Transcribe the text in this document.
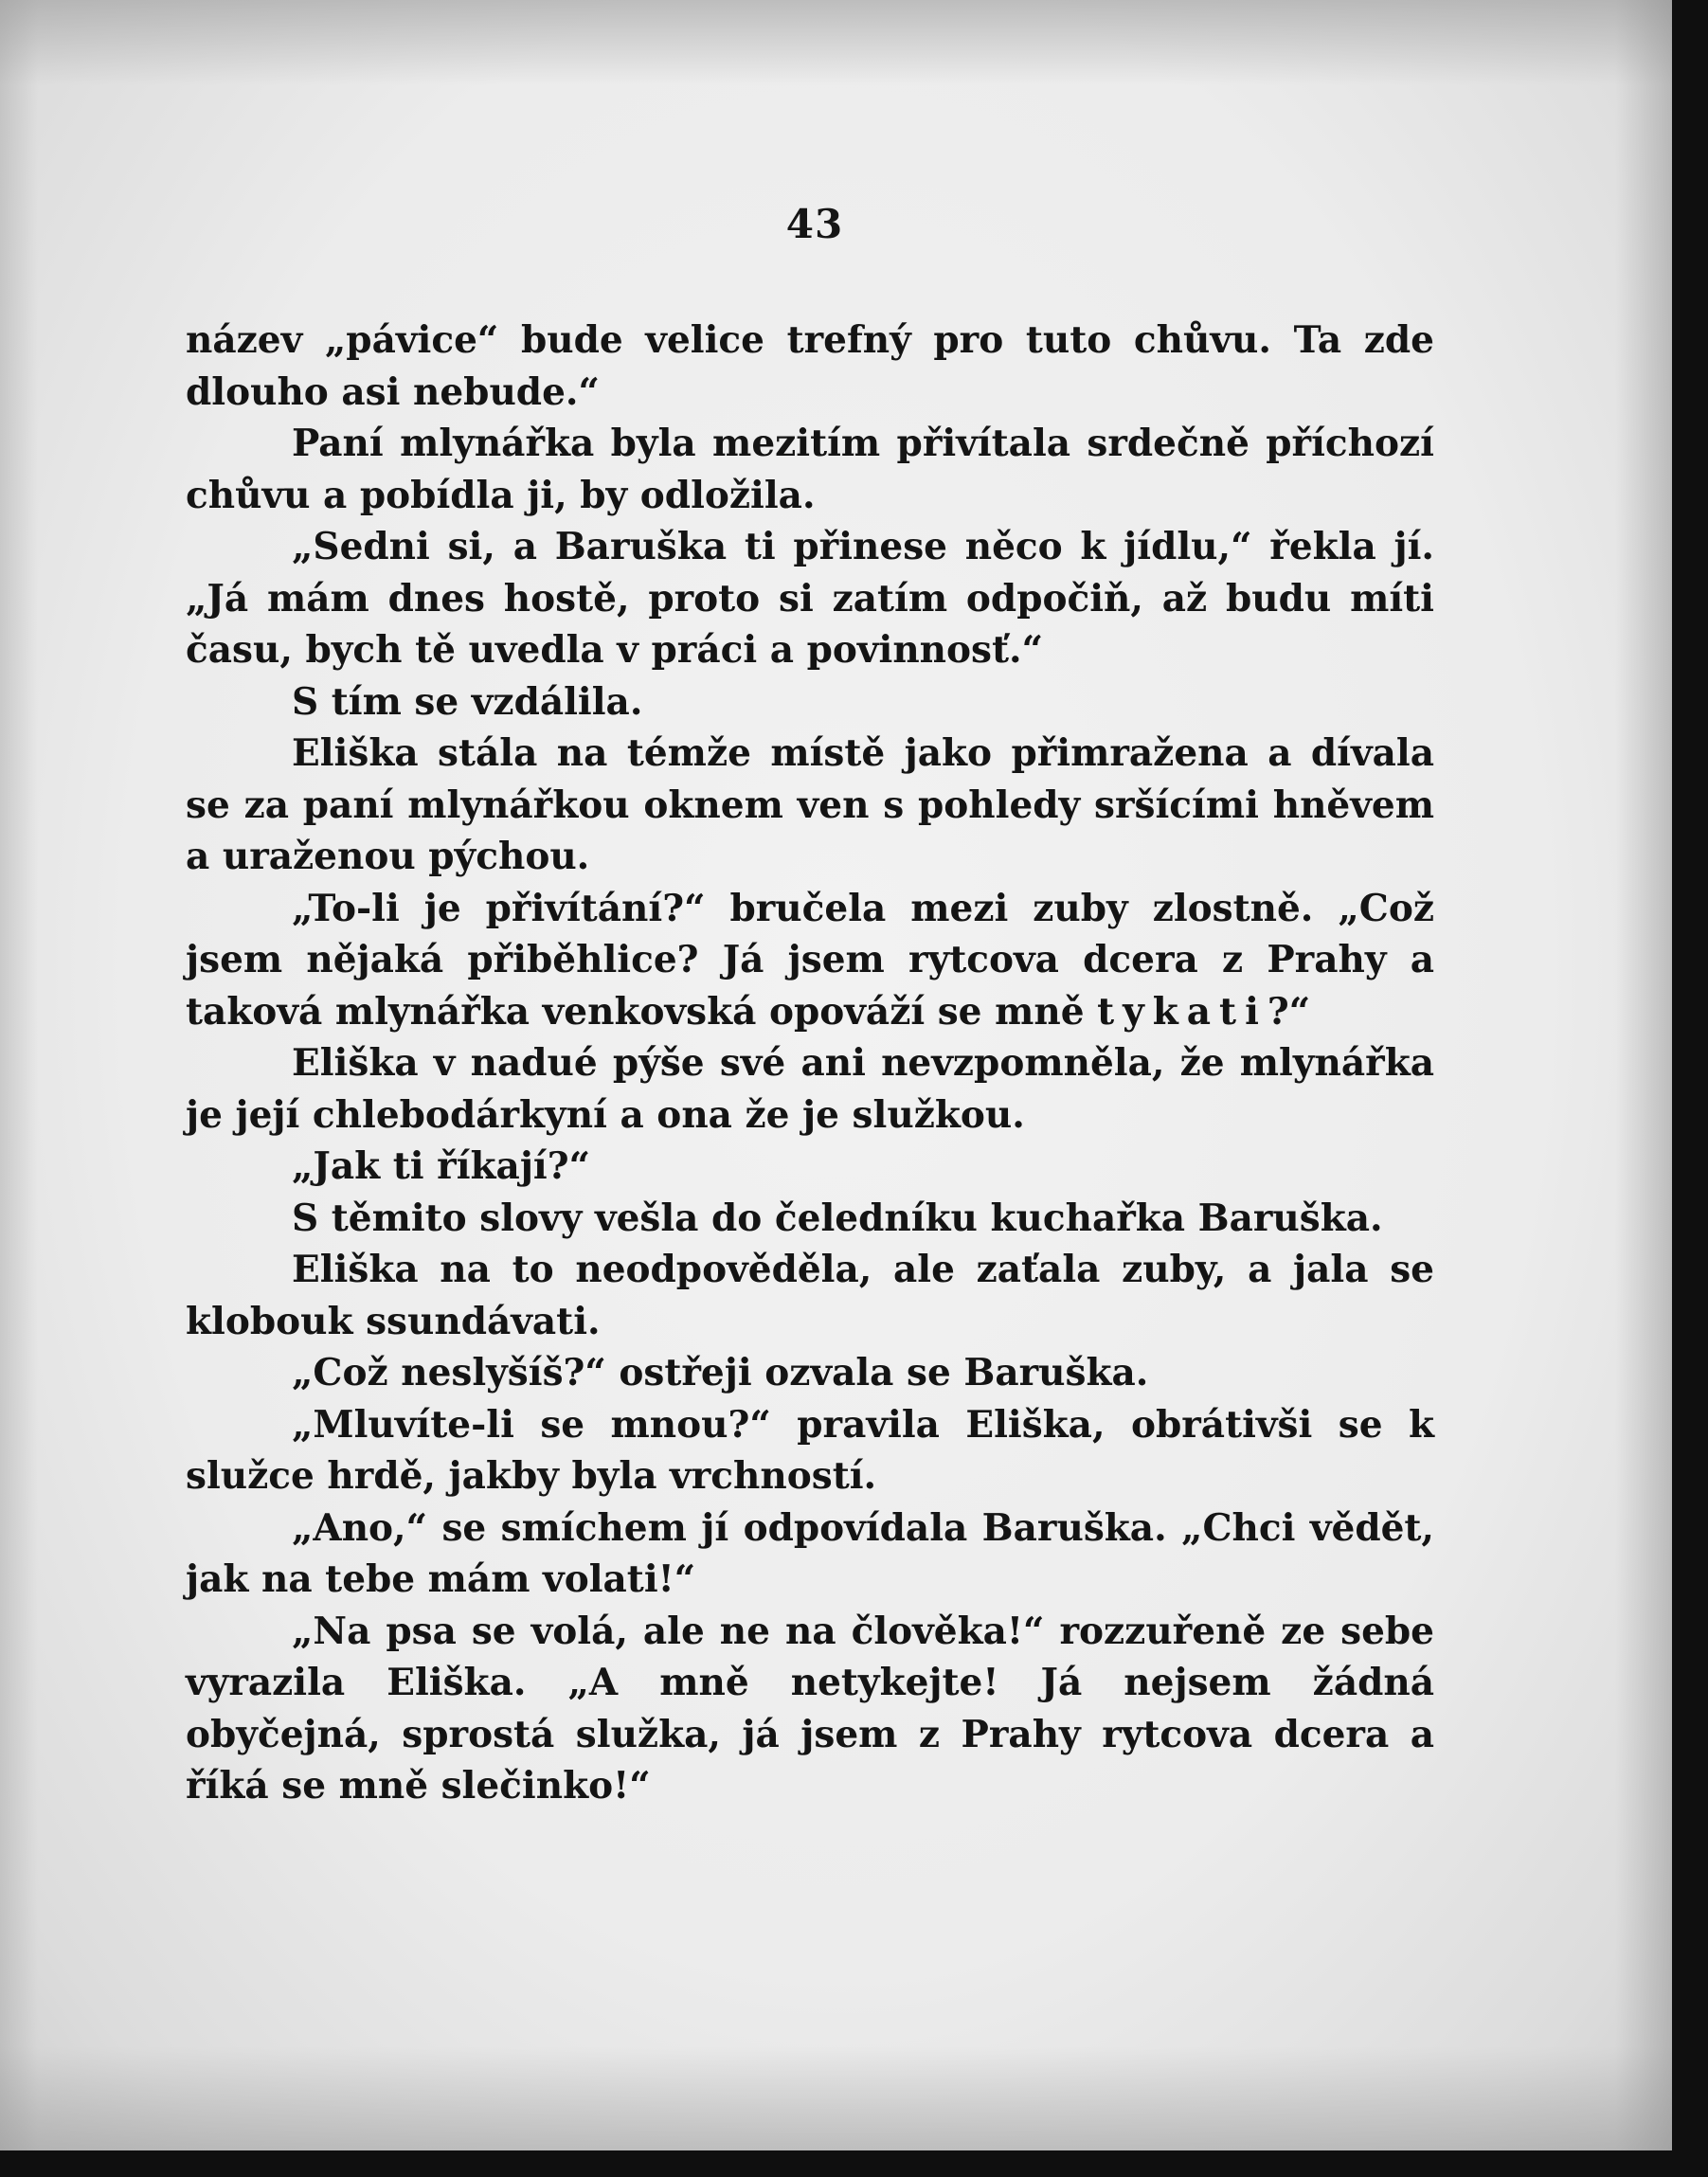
43

název „pávice“ bude velice trefný pro tuto chůvu. Ta zde dlouho asi nebude.“

Paní mlynářka byla mezitím přivítala srdečně příchozí chůvu a pobídla ji, by odložila.

„Sedni si, a Baruška ti přinese něco k jídlu,“ řekla jí. „Já mám dnes hostě, proto si zatím odpočiň, až budu míti času, bych tě uvedla v práci a povinnosť.“

S tím se vzdálila.

Eliška stála na témže místě jako přimražena a dívala se za paní mlynářkou oknem ven s pohledy sršícími hněvem a uraženou pýchou.

„To-li je přivítání?“ bručela mezi zuby zlostně. „Což jsem nějaká přiběhlice? Já jsem rytcova dcera z Prahy a taková mlynářka venkovská opováží se mně tykati?“

Eliška v nadué pýše své ani nevzpomněla, že mlynářka je její chlebodárkyní a ona že je služkou.

„Jak ti říkají?“

S těmito slovy vešla do čeledníku kuchařka Baruška.

Eliška na to neodpověděla, ale zaťala zuby, a jala se klobouk ssundávati.

„Což neslyšíš?“ ostřeji ozvala se Baruška.

„Mluvíte-li se mnou?“ pravila Eliška, obrátivši se k služce hrdě, jakby byla vrchností.

„Ano,“ se smíchem jí odpovídala Baruška. „Chci vědět, jak na tebe mám volati!“

„Na psa se volá, ale ne na člověka!“ rozzuřeně ze sebe vyrazila Eliška. „A mně netykejte! Já nejsem žádná obyčejná, sprostá služka, já jsem z Prahy rytcova dcera a říká se mně slečinko!“
